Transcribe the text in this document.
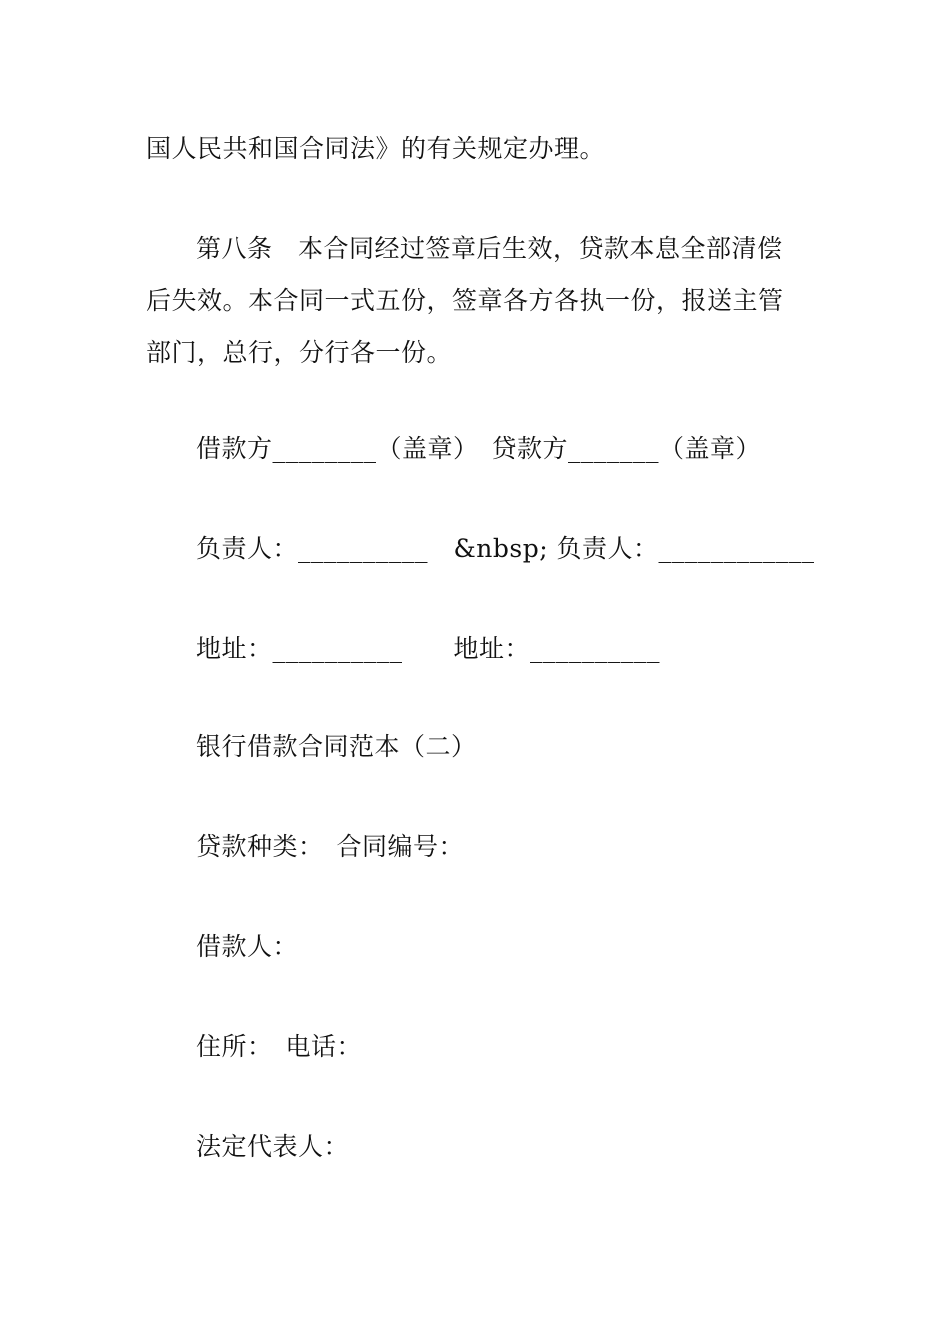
国人民共和国合同法》的有关规定办理。
第八条　本合同经过签章后生效，贷款本息全部清偿
后失效。本合同一式五份，签章各方各执一份，报送主管
部门，总行，分行各一份。
借款方________（盖章）　贷款方_______（盖章）
负责人：__________　&nbsp; 负责人：____________
地址：__________　　地址：__________
银行借款合同范本（二）
贷款种类：　合同编号：
借款人：
住所：　电话：
法定代表人：
